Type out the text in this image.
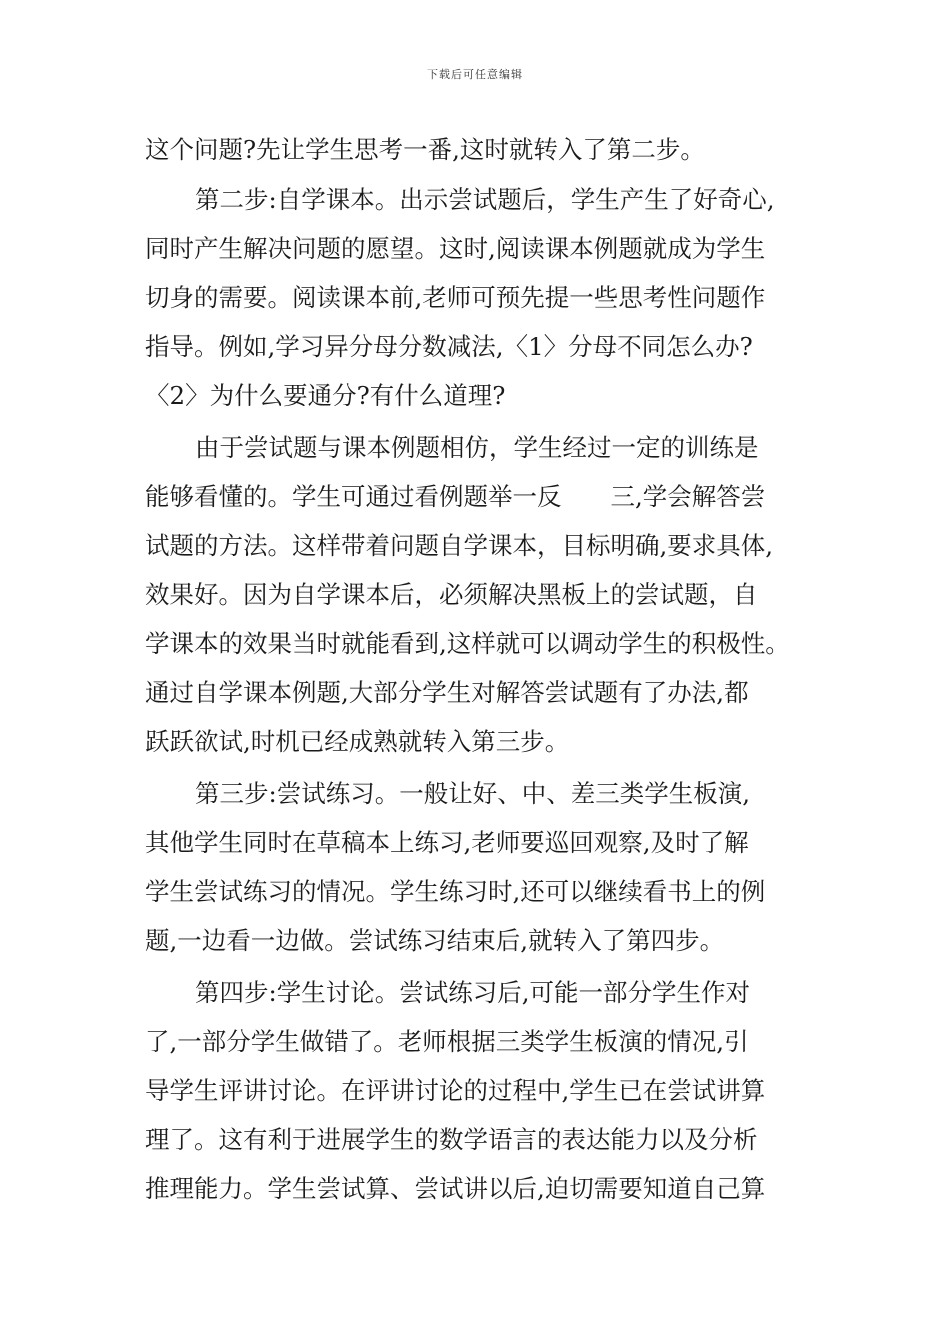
下载后可任意编辑
这个问题?先让学生思考一番,这时就转入了第二步。
第二步:自学课本。出示尝试题后，学生产生了好奇心,
同时产生解决问题的愿望。这时,阅读课本例题就成为学生
切身的需要。阅读课本前,老师可预先提一些思考性问题作
指导。例如,学习异分母分数减法,〈1〉分母不同怎么办?
〈2〉为什么要通分?有什么道理?
由于尝试题与课本例题相仿，学生经过一定的训练是
能够看懂的。学生可通过看例题举一反　　三,学会解答尝
试题的方法。这样带着问题自学课本，目标明确,要求具体,
效果好。因为自学课本后，必须解决黑板上的尝试题，自
学课本的效果当时就能看到,这样就可以调动学生的积极性。
通过自学课本例题,大部分学生对解答尝试题有了办法,都
跃跃欲试,时机已经成熟就转入第三步。
第三步:尝试练习。一般让好、中、差三类学生板演,
其他学生同时在草稿本上练习,老师要巡回观察,及时了解
学生尝试练习的情况。学生练习时,还可以继续看书上的例
题,一边看一边做。尝试练习结束后,就转入了第四步。
第四步:学生讨论。尝试练习后,可能一部分学生作对
了,一部分学生做错了。老师根据三类学生板演的情况,引
导学生评讲讨论。在评讲讨论的过程中,学生已在尝试讲算
理了。这有利于进展学生的数学语言的表达能力以及分析
推理能力。学生尝试算、尝试讲以后,迫切需要知道自己算
